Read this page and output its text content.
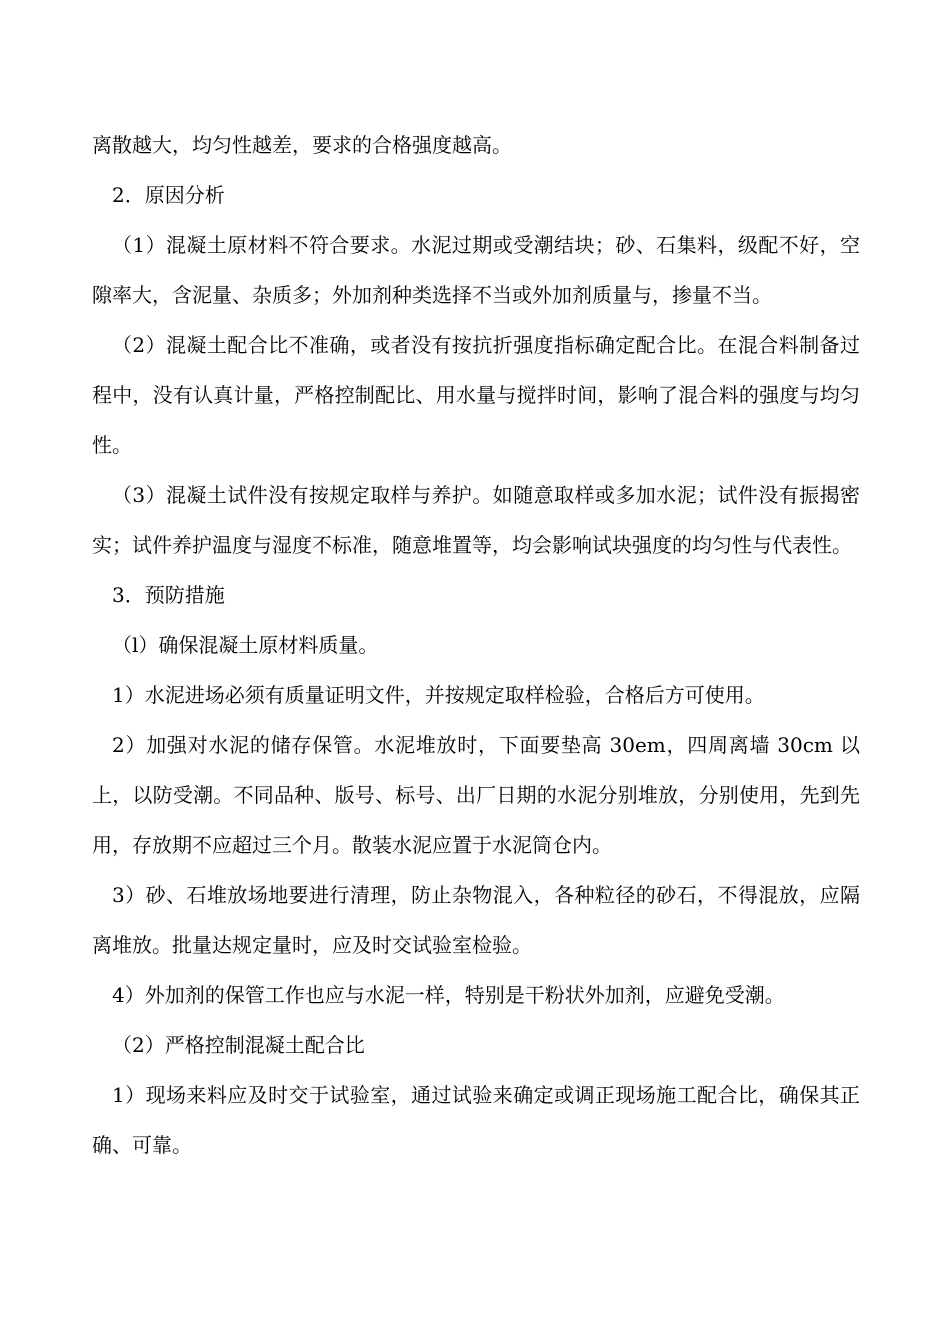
离散越大，均匀性越差，要求的合格强度越高。

2．原因分析

（1）混凝土原材料不符合要求。水泥过期或受潮结块；砂、石集料，级配不好，空隙率大，含泥量、杂质多；外加剂种类选择不当或外加剂质量与，掺量不当。

（2）混凝土配合比不准确，或者没有按抗折强度指标确定配合比。在混合料制备过程中，没有认真计量，严格控制配比、用水量与搅拌时间，影响了混合料的强度与均匀性。

（3）混凝土试件没有按规定取样与养护。如随意取样或多加水泥；试件没有振揭密实；试件养护温度与湿度不标准，随意堆置等，均会影响试块强度的均匀性与代表性。

3．预防措施

（l）确保混凝土原材料质量。

1）水泥进场必须有质量证明文件，并按规定取样检验，合格后方可使用。

2）加强对水泥的储存保管。水泥堆放时，下面要垫高 30em，四周离墙 30cm 以上，以防受潮。不同品种、版号、标号、出厂日期的水泥分别堆放，分别使用，先到先用，存放期不应超过三个月。散装水泥应置于水泥筒仓内。

3）砂、石堆放场地要进行清理，防止杂物混入，各种粒径的砂石，不得混放，应隔离堆放。批量达规定量时，应及时交试验室检验。

4）外加剂的保管工作也应与水泥一样，特别是干粉状外加剂，应避免受潮。

（2）严格控制混凝土配合比

1）现场来料应及时交于试验室，通过试验来确定或调正现场施工配合比，确保其正确、可靠。
